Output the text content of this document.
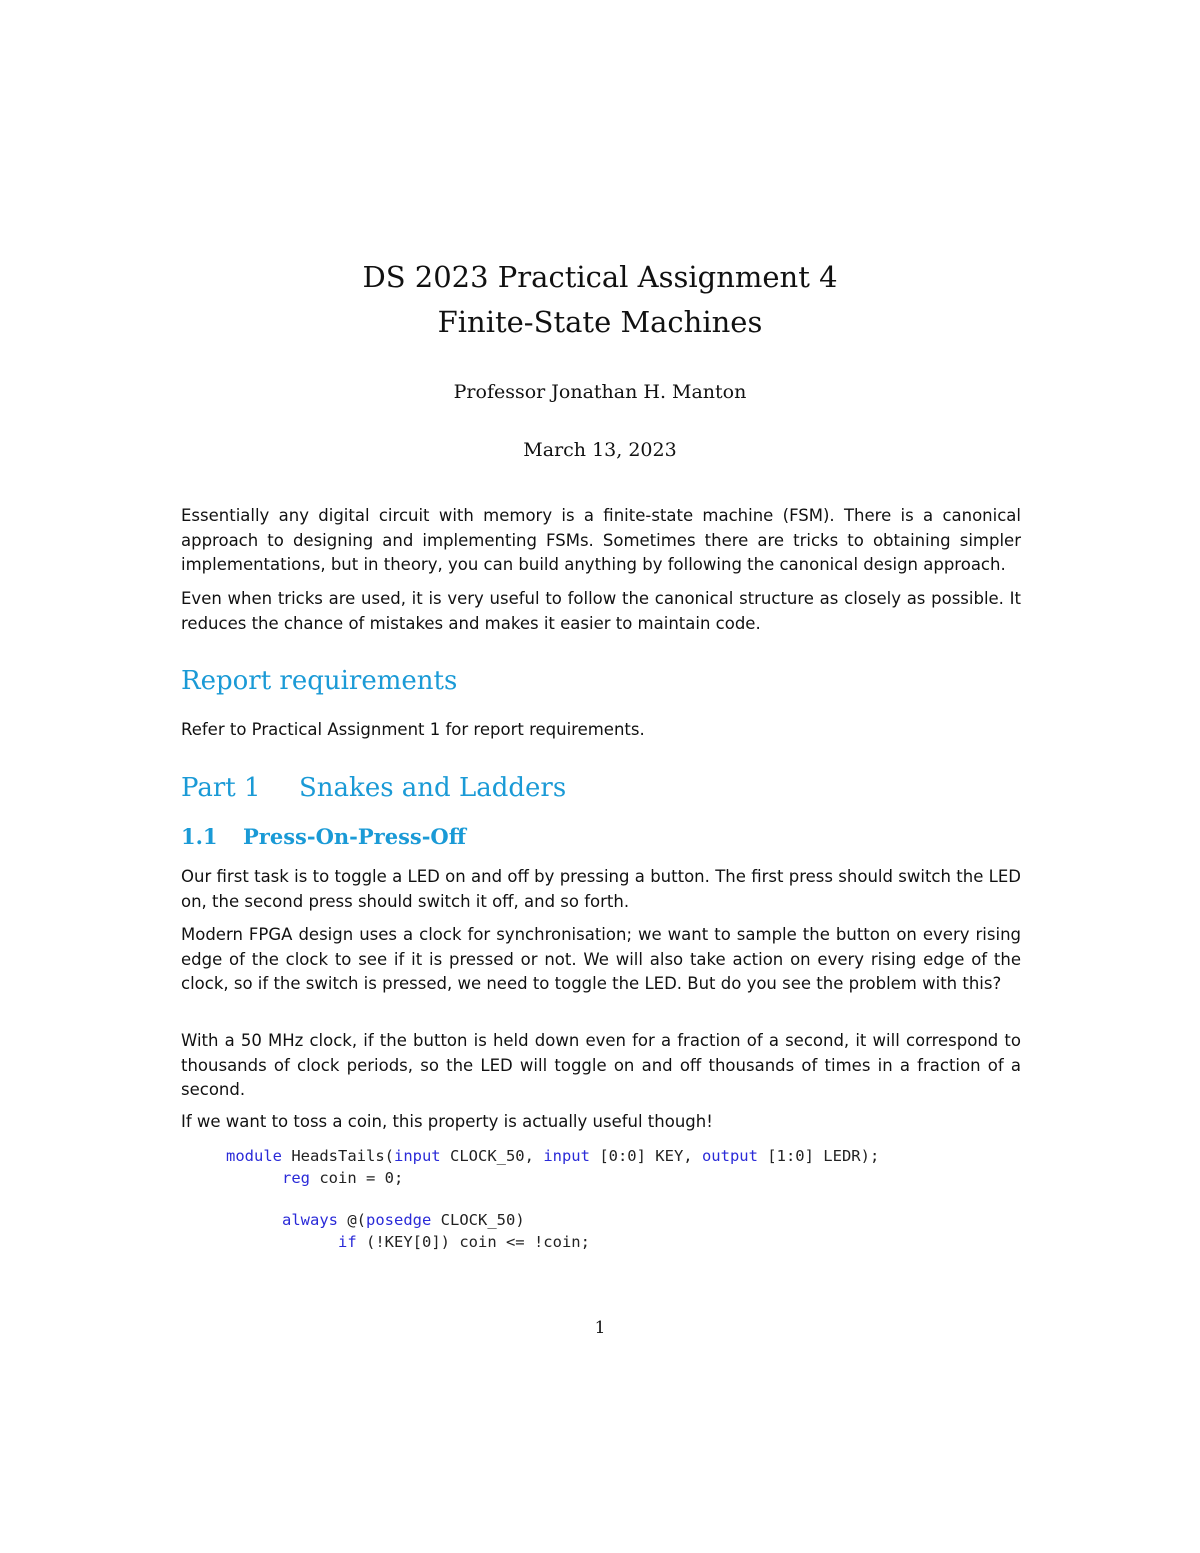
DS 2023 Practical Assignment 4
Finite-State Machines
Professor Jonathan H. Manton
March 13, 2023

Essentially any digital circuit with memory is a finite-state machine (FSM). There is a canonical approach to designing and implementing FSMs. Sometimes there are tricks to obtaining simpler implementations, but in theory, you can build anything by following the canonical design approach.

Even when tricks are used, it is very useful to follow the canonical structure as closely as possible. It reduces the chance of mistakes and makes it easier to maintain code.

Report requirements

Refer to Practical Assignment 1 for report requirements.

Part 1 Snakes and Ladders
1.1 Press-On-Press-Off

Our first task is to toggle a LED on and off by pressing a button. The first press should switch the LED on, the second press should switch it off, and so forth.

Modern FPGA design uses a clock for synchronisation; we want to sample the button on every rising edge of the clock to see if it is pressed or not. We will also take action on every rising edge of the clock, so if the switch is pressed, we need to toggle the LED. But do you see the problem with this?

With a 50 MHz clock, if the button is held down even for a fraction of a second, it will correspond to thousands of clock periods, so the LED will toggle on and off thousands of times in a fraction of a second.

If we want to toss a coin, this property is actually useful though!

module HeadsTails(input CLOCK_50, input [0:0] KEY, output [1:0] LEDR);
reg coin = 0;
always @(posedge CLOCK_50)
if (!KEY[0]) coin <= !coin;
1
